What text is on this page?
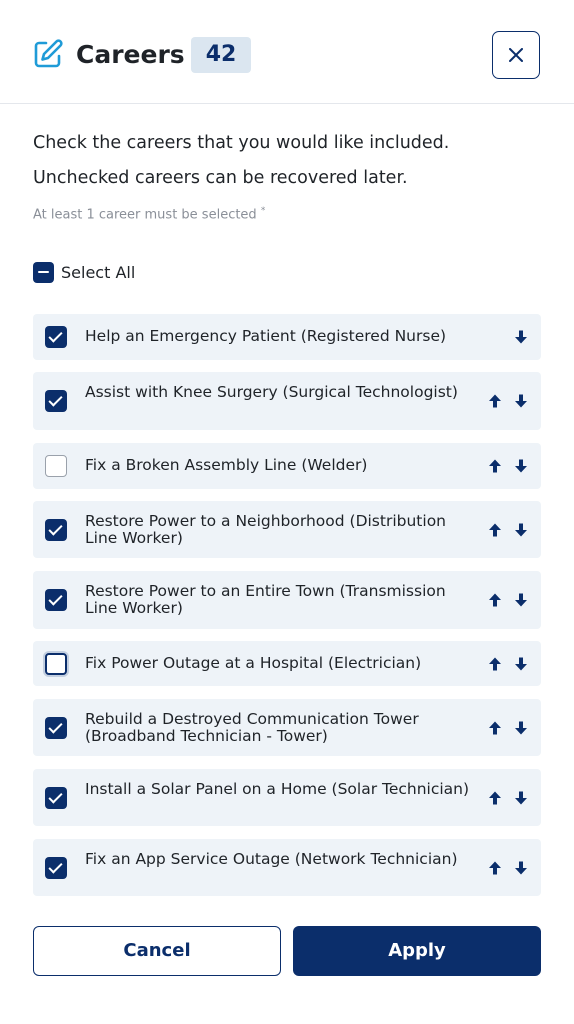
Careers 42
Check the careers that you would like included.
Unchecked careers can be recovered later.
At least 1 career must be selected *
Select All
Help an Emergency Patient (Registered Nurse)
Assist with Knee Surgery (Surgical Technologist)
Fix a Broken Assembly Line (Welder)
Restore Power to a Neighborhood (Distribution Line Worker)
Restore Power to an Entire Town (Transmission Line Worker)
Fix Power Outage at a Hospital (Electrician)
Rebuild a Destroyed Communication Tower (Broadband Technician - Tower)
Install a Solar Panel on a Home (Solar Technician)
Fix an App Service Outage (Network Technician)
Cancel	Apply
